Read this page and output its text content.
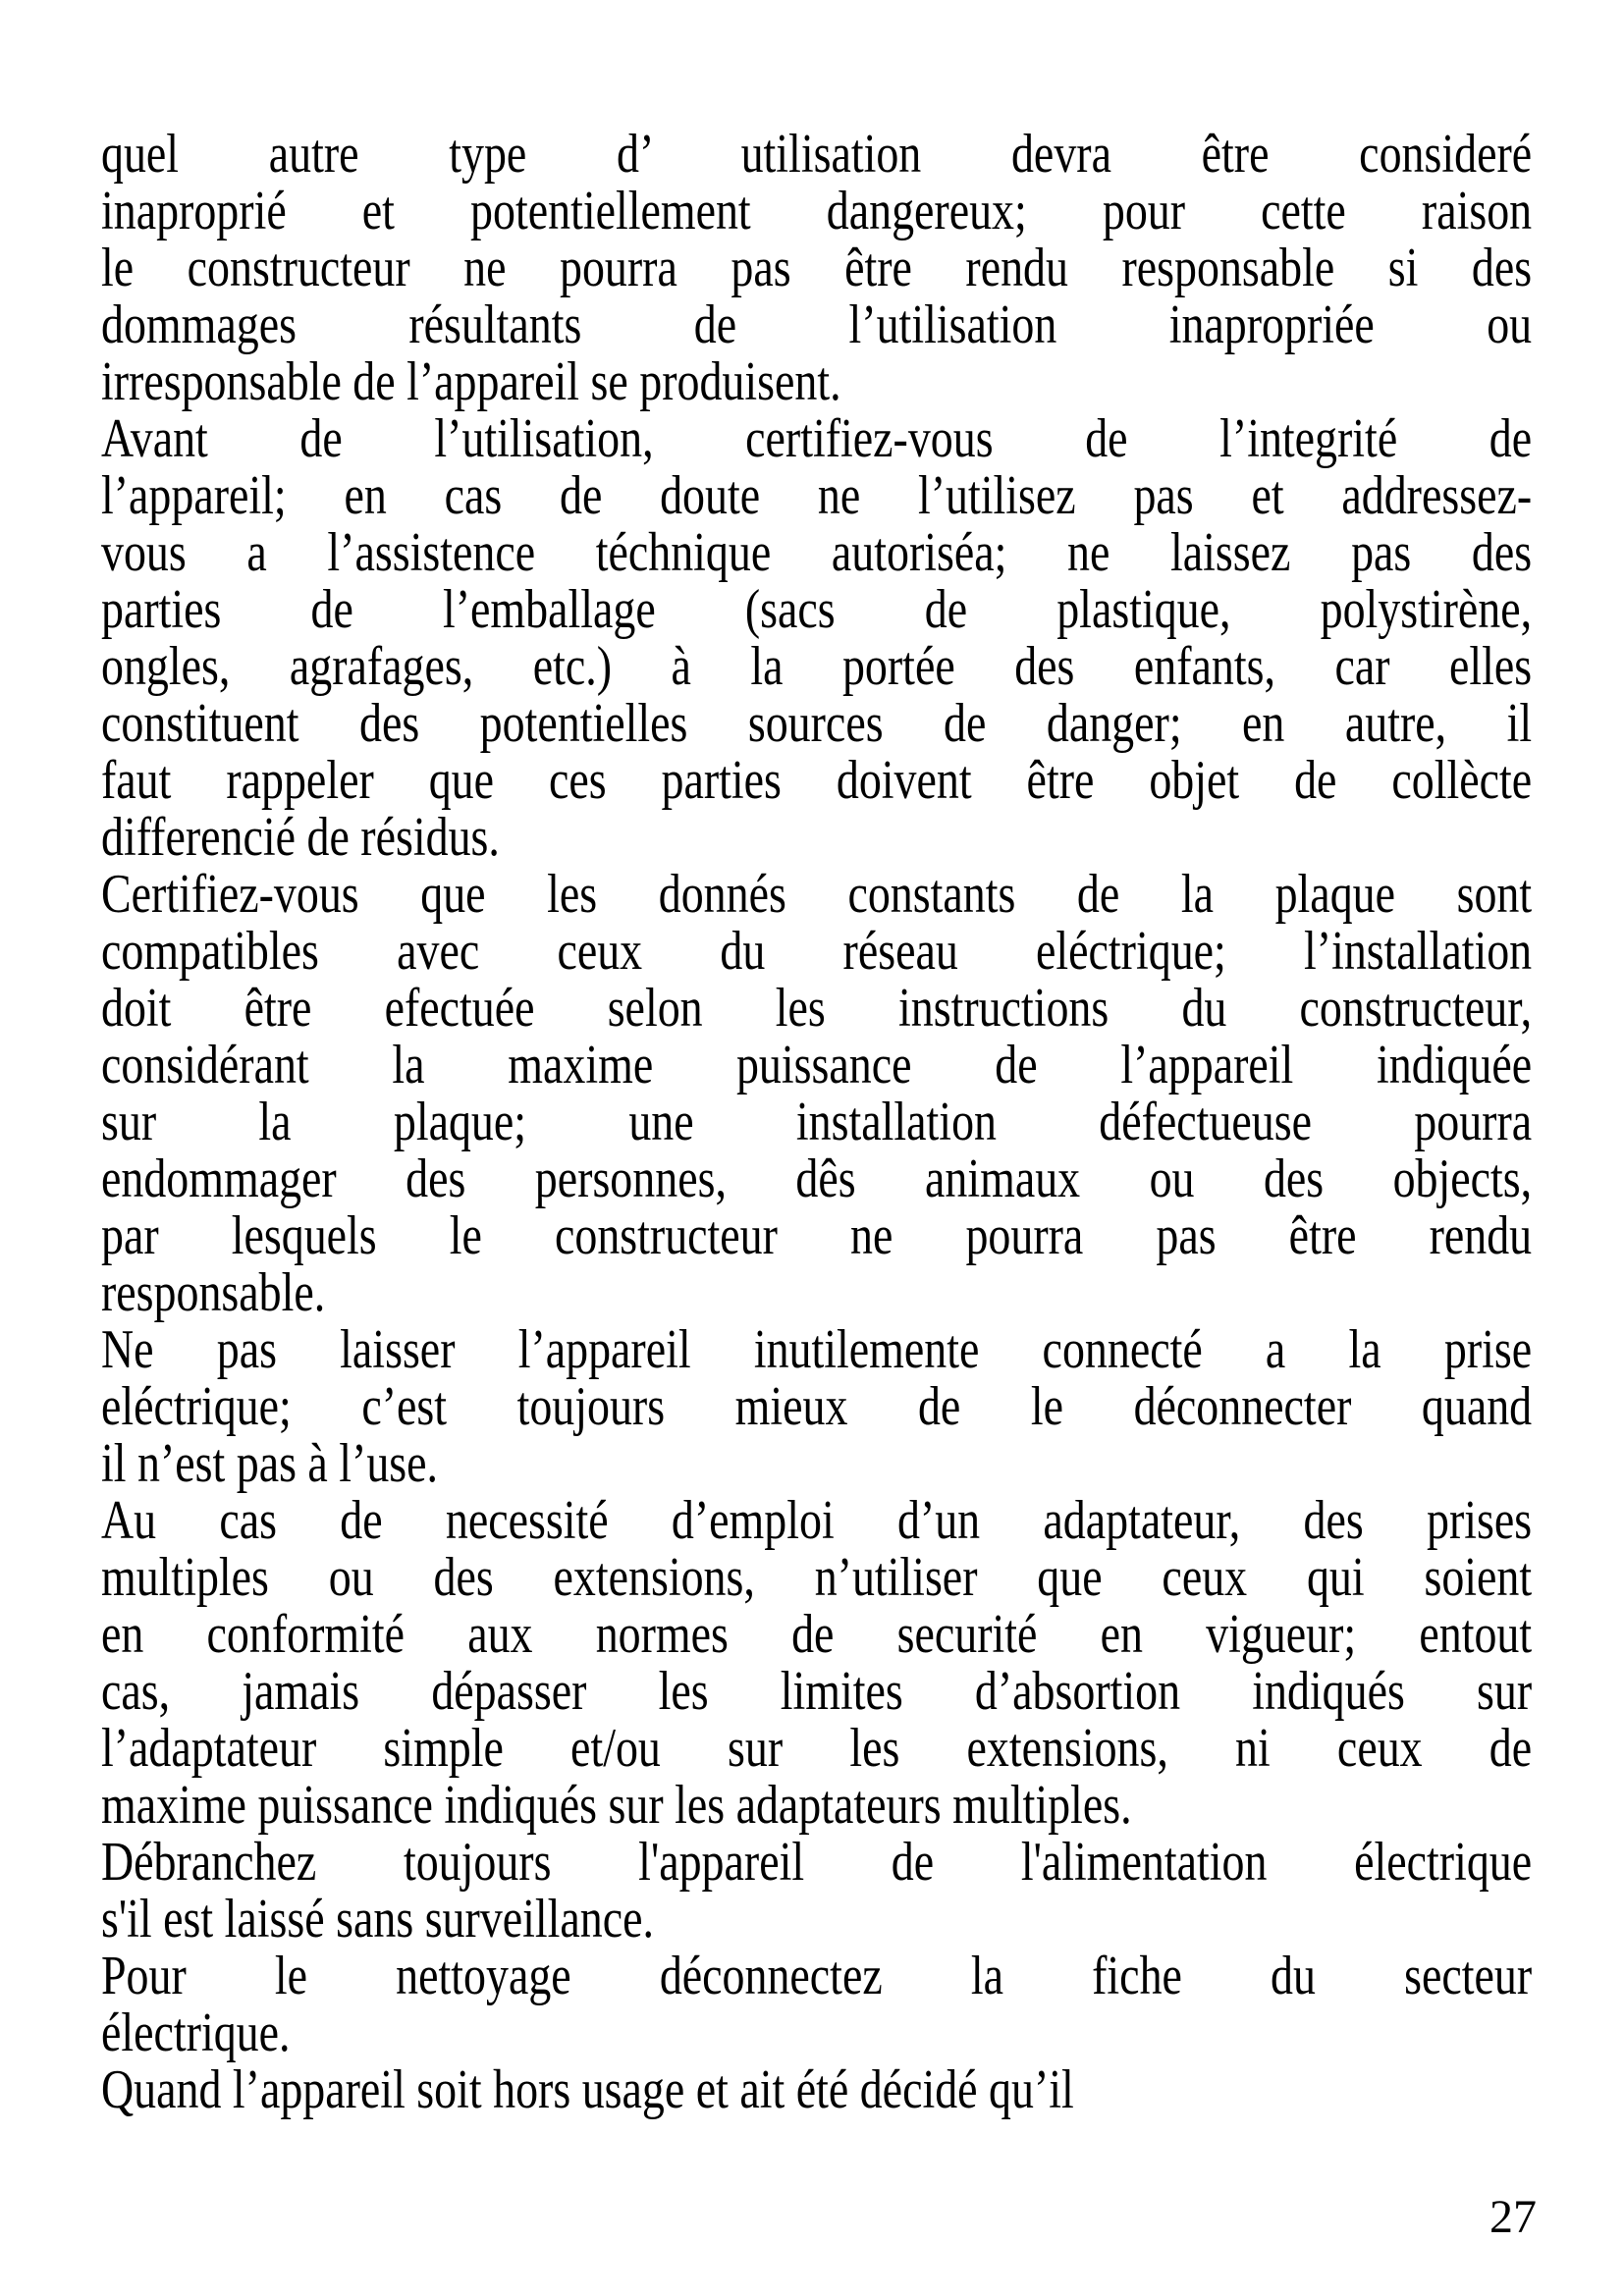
quel autre type d’ utilisation devra être consideré
inaproprié et potentiellement dangereux; pour cette raison
le constructeur ne pourra pas être rendu responsable si des
dommages résultants de l’utilisation inapropriée ou
irresponsable de l’appareil se produisent.
Avant de l’utilisation, certifiez-vous de l’integrité de
l’appareil; en cas de doute ne l’utilisez pas et addressez-
vous a l’assistence téchnique autoriséa; ne laissez pas des
parties de l’emballage (sacs de plastique, polystirène,
ongles, agrafages, etc.) à la portée des enfants, car elles
constituent des potentielles sources de danger; en autre, il
faut rappeler que ces parties doivent être objet de collècte
differencié de résidus.
Certifiez-vous que les donnés constants de la plaque sont
compatibles avec ceux du réseau eléctrique; l’installation
doit être efectuée selon les instructions du constructeur,
considérant la maxime puissance de l’appareil indiquée
sur la plaque; une installation défectueuse pourra
endommager des personnes, dês animaux ou des objects,
par lesquels le constructeur ne pourra pas être rendu
responsable.
Ne pas laisser l’appareil inutilemente connecté a la prise
eléctrique; c’est toujours mieux de le déconnecter quand
il n’est pas à l’use.
Au cas de necessité d’emploi d’un adaptateur, des prises
multiples ou des extensions, n’utiliser que ceux qui soient
en conformité aux normes de securité en vigueur; entout
cas, jamais dépasser les limites d’absortion indiqués sur
l’adaptateur simple et/ou sur les extensions, ni ceux de
maxime puissance indiqués sur les adaptateurs multiples.
Débranchez toujours l'appareil de l'alimentation électrique
s'il est laissé sans surveillance.
Pour le nettoyage déconnectez la fiche du secteur
électrique.
Quand l’appareil soit hors usage et ait été décidé qu’il
27
